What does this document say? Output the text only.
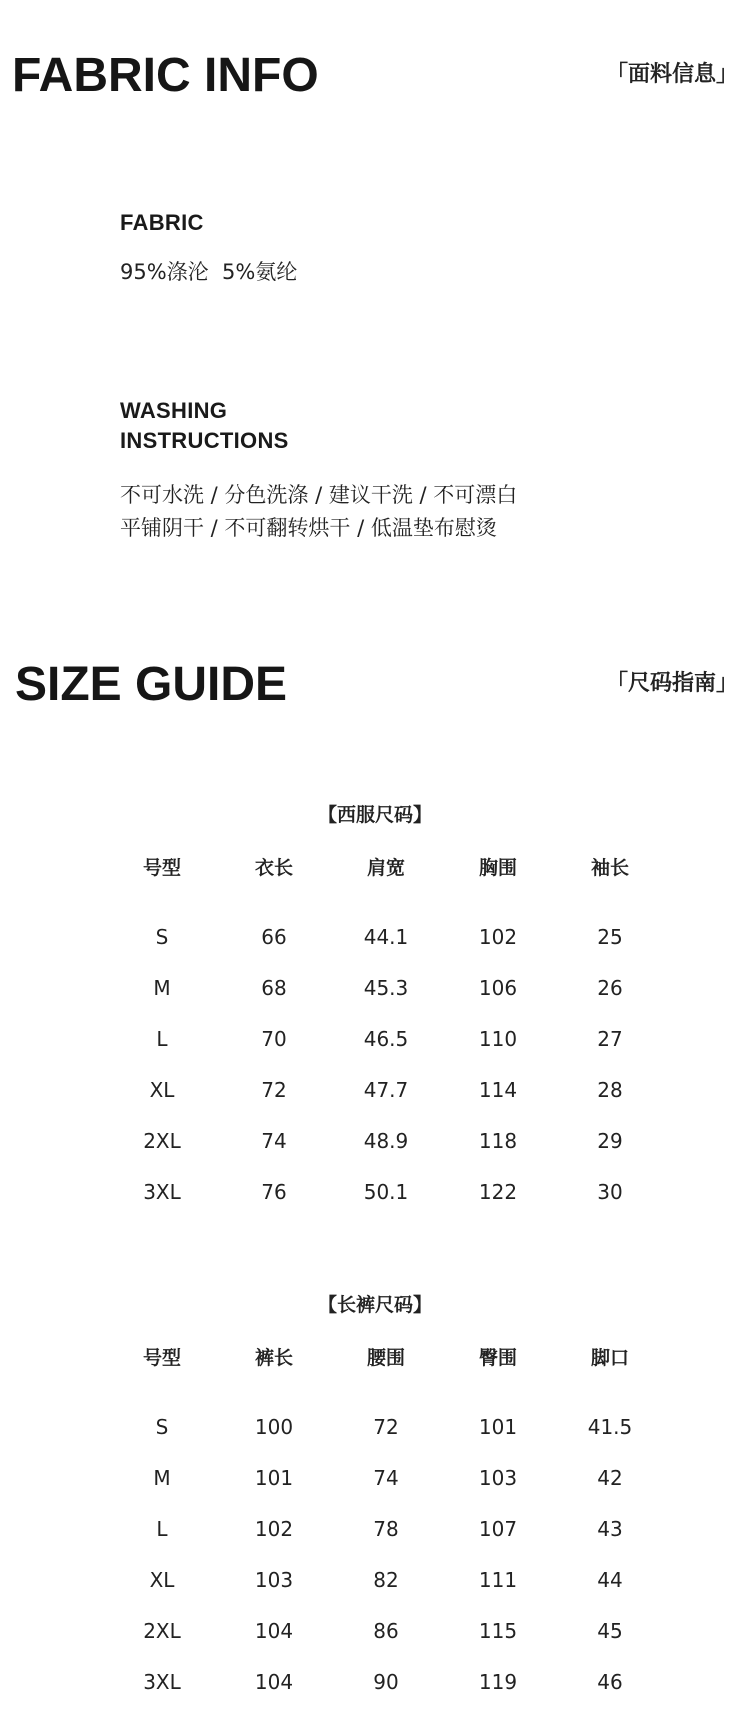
FABRIC INFO	「面料信息」
FABRIC
95%涤沦  5%氨纶
WASHING
INSTRUCTIONS
不可水洗 / 分色洗涤 / 建议干洗 / 不可漂白
平铺阴干 / 不可翻转烘干 / 低温垫布慰烫
SIZE GUIDE	「尺码指南」
【西服尺码】
号型	衣长	肩宽	胸围	袖长
S	66	44.1	102	25
M	68	45.3	106	26
L	70	46.5	110	27
XL	72	47.7	114	28
2XL	74	48.9	118	29
3XL	76	50.1	122	30
【长裤尺码】
号型	裤长	腰围	臀围	脚口
S	100	72	101	41.5
M	101	74	103	42
L	102	78	107	43
XL	103	82	111	44
2XL	104	86	115	45
3XL	104	90	119	46
